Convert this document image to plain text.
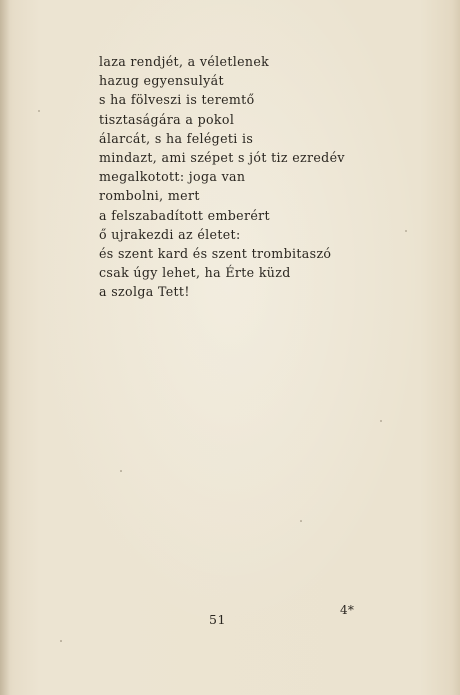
laza rendjét, a véletlenek
hazug egyensulyát
s ha fölveszi is teremtő
tisztaságára a pokol
álarcát, s ha felégeti is
mindazt, ami szépet s jót tiz ezredév
megalkotott: joga van
rombolni, mert
a felszabadított emberért
ő ujrakezdi az életet:
és szent kard és szent trombitaszó
csak úgy lehet, ha Érte küzd
a szolga Tett!
51
4*
